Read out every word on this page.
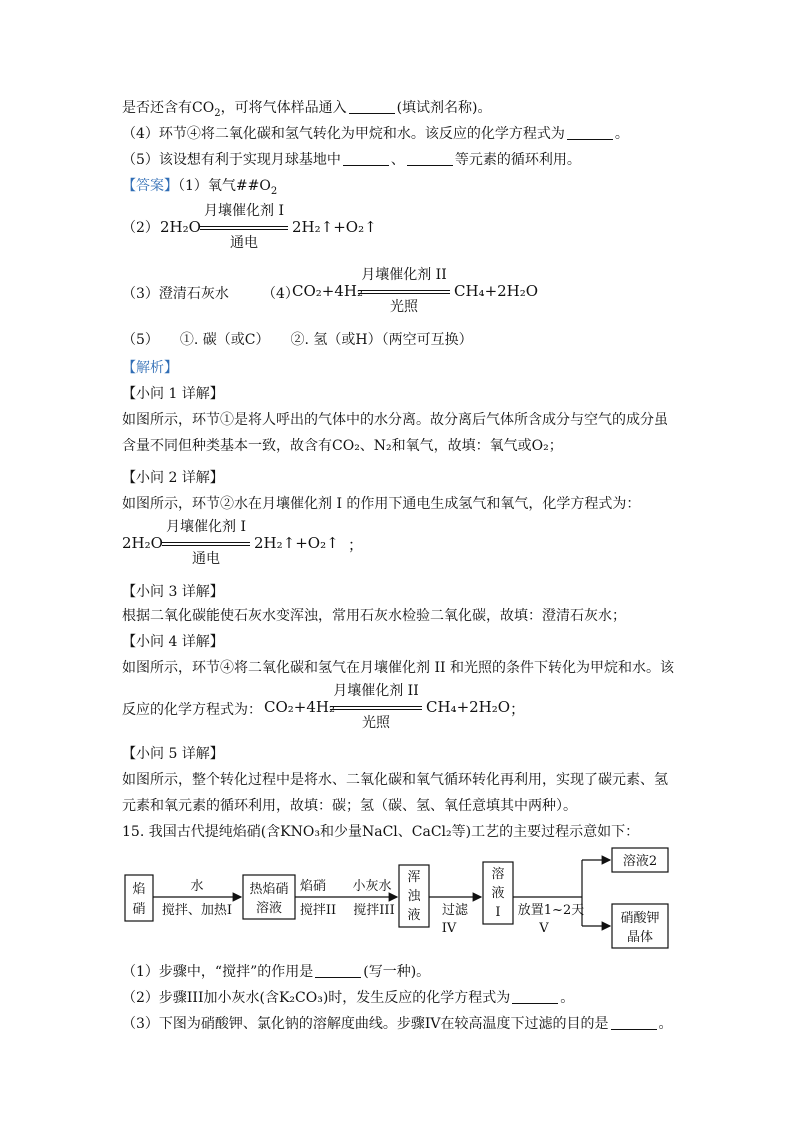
是否还含有$CO_2$，可将气体样品通入	(填试剂名称)。
（4）环节④将二氧化碳和氢气转化为甲烷和水。该反应的化学方程式为	。
（5）该设想有利于实现月球基地中	、	等元素的循环利用。
【答案】（1）氧气$\#\#O_2$
（2） 2H₂O
月壤催化剂 I
通电
2H₂↑+O₂↑
（3）澄清石灰水 （4）
CO₂+4H₂
月壤催化剂 II
光照
CH₄+2H₂O
（5）　　①. 碳（或C）　　②. 氢（或H）（两空可互换）
【解析】
【小问 1 详解】
如图所示，环节①是将人呼出的气体中的水分离。故分离后气体所含成分与空气的成分虽
含量不同但种类基本一致，故含有CO₂、N₂和氧气，故填：氧气或O₂；
【小问 2 详解】
如图所示，环节②水在月壤催化剂 I 的作用下通电生成氢气和氧气，化学方程式为：
2H₂O
月壤催化剂 I
通电
2H₂↑+O₂↑ ；
【小问 3 详解】
根据二氧化碳能使石灰水变浑浊，常用石灰水检验二氧化碳，故填：澄清石灰水；
【小问 4 详解】
如图所示，环节④将二氧化碳和氢气在月壤催化剂 II 和光照的条件下转化为甲烷和水。该
反应的化学方程式为： CO₂+4H₂
月壤催化剂 II
光照
CH₄+2H₂O ；
【小问 5 详解】
如图所示，整个转化过程中是将水、二氧化碳和氧气循环转化再利用，实现了碳元素、氢
元素和氧元素的循环利用，故填：碳；氢（碳、氢、氧任意填其中两种）。
15. 我国古代提纯焰硝(含KNO₃和少量NaCl、CaCl₂等)工艺的主要过程示意如下：
焰
硝
水
搅拌、加热I
热焰硝
溶液
焰硝
搅拌II
小灰水
搅拌III
浑
浊
液 过滤
IV
溶
液
I 放置1~2天
V
溶液2
硝酸钾
晶体
（1）步骤中，“搅拌”的作用是	(写一种)。
（2）步骤III加小灰水(含K₂CO₃)时，发生反应的化学方程式为	。
（3）下图为硝酸钾、氯化钠的溶解度曲线。步骤IV在较高温度下过滤的目的是	。
